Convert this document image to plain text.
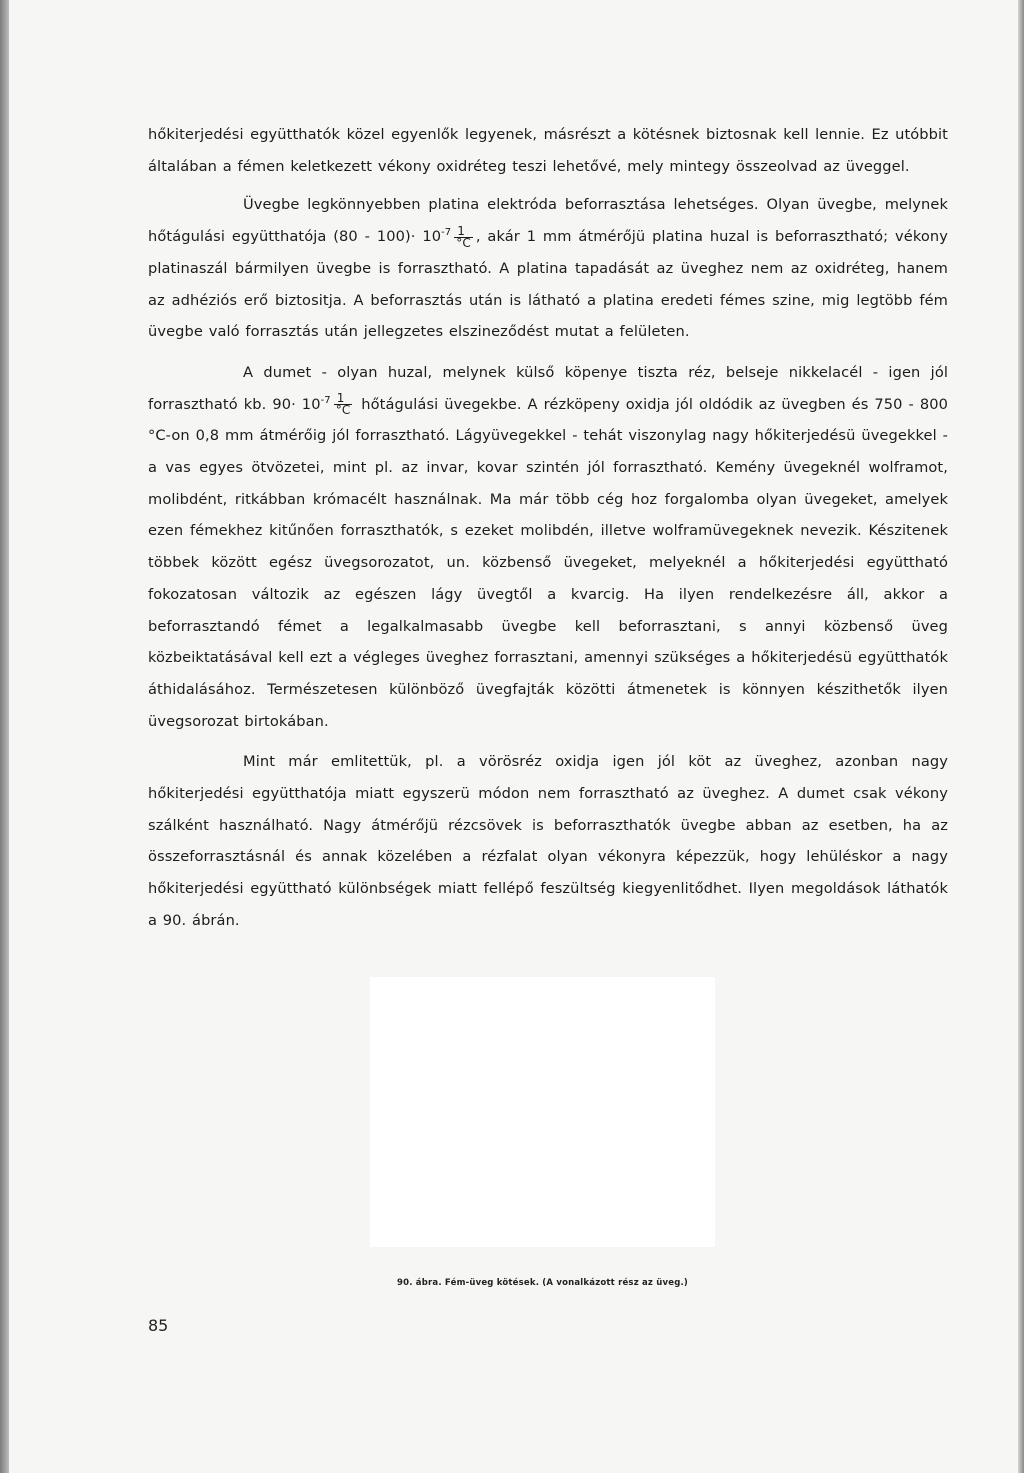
hőkiterjedési együtthatók közel egyenlők legyenek, másrészt a kötésnek biztosnak kell lennie. Ez utóbbit általában a fémen keletkezett vékony oxidréteg teszi lehetővé, mely mintegy összeolvad az üveggel.

Üvegbe legkönnyebben platina elektróda beforrasztása lehetséges. Olyan üvegbe, melynek hőtágulási együtthatója $(80 - 100)\cdot 10^{-7} \frac{1}{^\circ C}$ , akár 1 mm átmérőjü platina huzal is beforrasztható; vékony platinaszál bármilyen üvegbe is forrasztható. A platina tapadását az üveghez nem az oxidréteg, hanem az adhéziós erő biztositja. A beforrasztás után is látható a platina eredeti fémes szine, mig legtöbb fém üvegbe való forrasztás után jellegzetes elszineződést mutat a felületen.

A dumet - olyan huzal, melynek külső köpenye tiszta réz, belseje nikkelacél - igen jól forrasztható kb. $90\cdot 10^{-7} \frac{1}{^\circ C}$ hőtágulási üvegekbe. A rézköpeny oxidja jól oldódik az üvegben és 750 - 800 °C-on 0,8 mm átmérőig jól forrasztható. Lágyüvegekkel - tehát viszonylag nagy hőkiterjedésü üvegekkel - a vas egyes ötvözetei, mint pl. az invar, kovar szintén jól forrasztható. Kemény üvegeknél wolframot, molibdént, ritkábban krómacélt használnak. Ma már több cég hoz forgalomba olyan üvegeket, amelyek ezen fémekhez kitűnően forraszthatók, s ezeket molibdén, illetve wolframüvegeknek nevezik. Készitenek többek között egész üvegsorozatot, un. közbenső üvegeket, melyeknél a hőkiterjedési együttható fokozatosan változik az egészen lágy üvegtől a kvarcig. Ha ilyen rendelkezésre áll, akkor a beforrasztandó fémet a legalkalmasabb üvegbe kell beforrasztani, s annyi közbenső üveg közbeiktatásával kell ezt a végleges üveghez forrasztani, amennyi szükséges a hőkiterjedésü együtthatók áthidalásához. Természetesen különböző üvegfajták közötti átmenetek is könnyen készithetők ilyen üvegsorozat birtokában.

Mint már emlitettük, pl. a vörösréz oxidja igen jól köt az üveghez, azonban nagy hőkiterjedési együtthatója miatt egyszerü módon nem forrasztható az üveghez. A dumet csak vékony szálként használható. Nagy átmérőjü rézcsövek is beforraszthatók üvegbe abban az esetben, ha az összeforrasztásnál és annak közelében a rézfalat olyan vékonyra képezzük, hogy lehüléskor a nagy hőkiterjedési együttható különbségek miatt fellépő feszültség kiegyenlitődhet. Ilyen megoldások láthatók a 90. ábrán.

90. ábra. Fém-üveg kötések. (A vonalkázott rész az üveg.)
85
